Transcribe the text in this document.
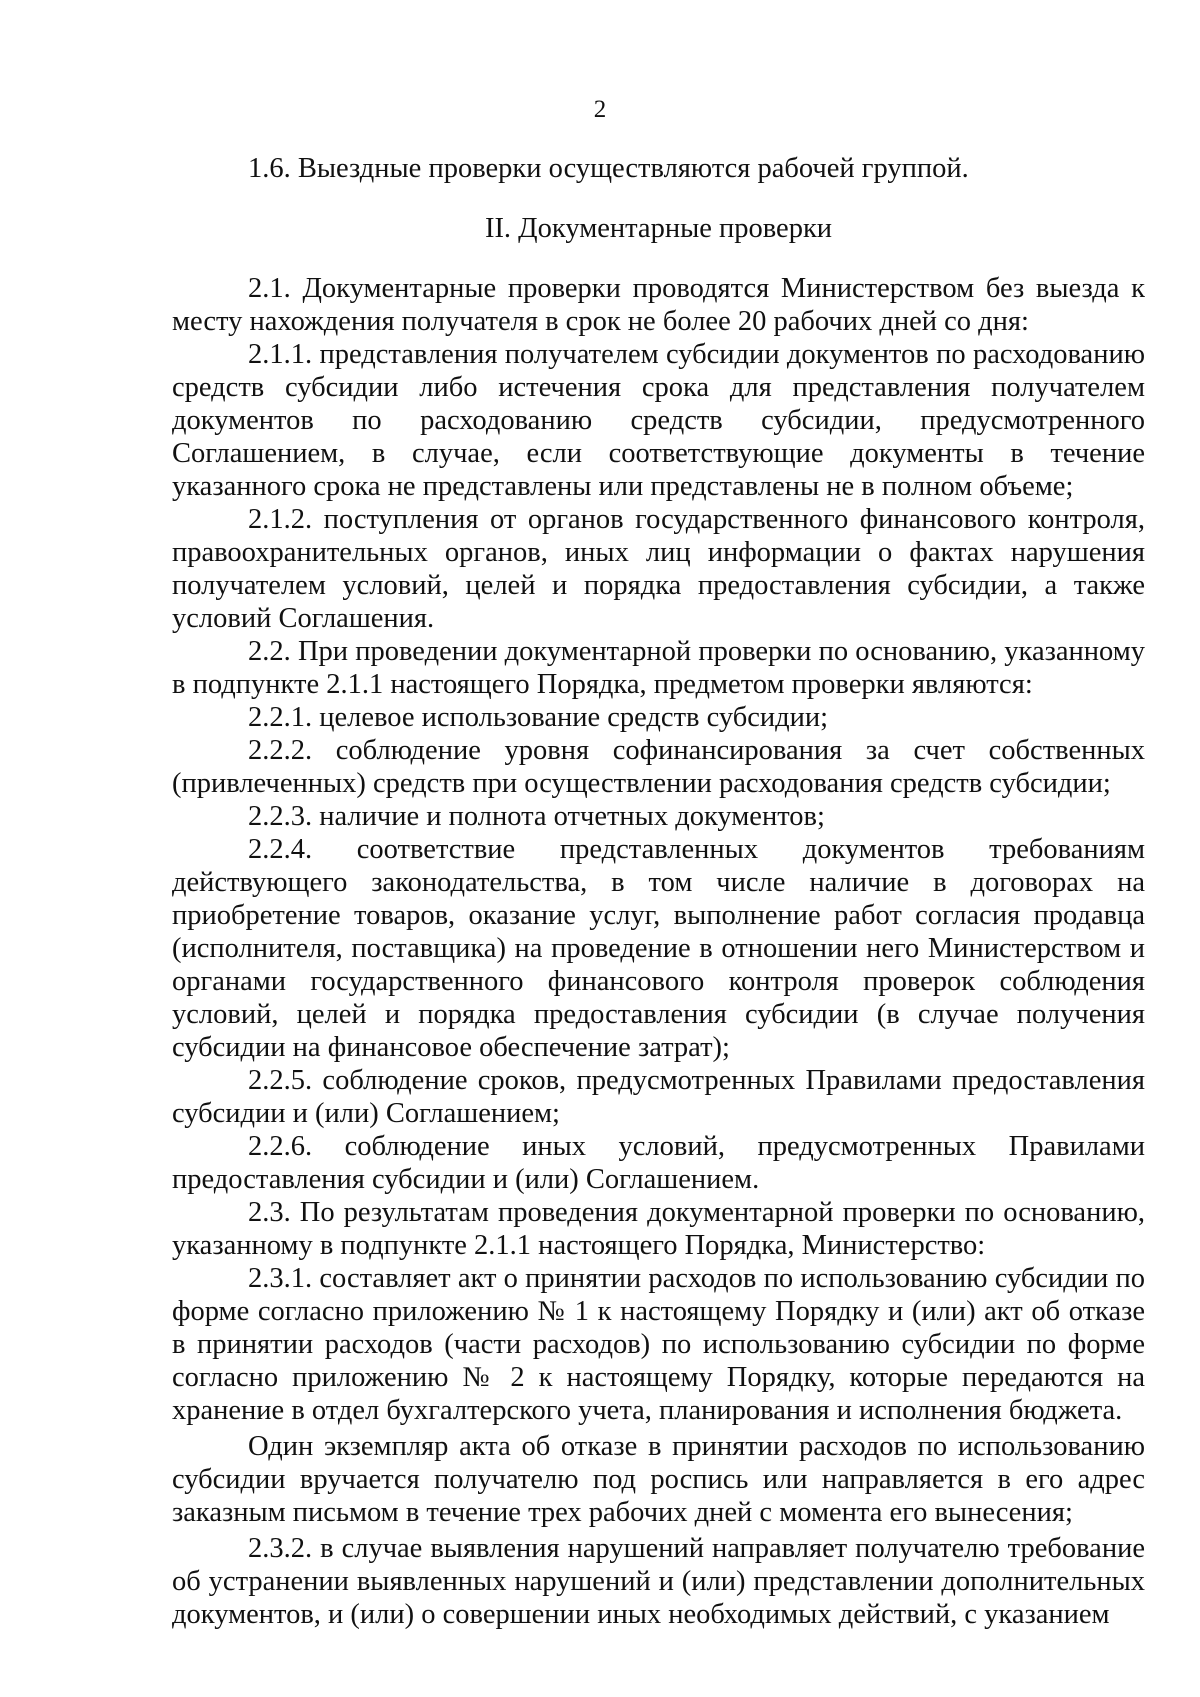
2

1.6. Выездные проверки осуществляются рабочей группой.

II. Документарные проверки

2.1. Документарные проверки проводятся Министерством без выезда к месту нахождения получателя в срок не более 20 рабочих дней со дня:

2.1.1. представления получателем субсидии документов по расходованию средств субсидии либо истечения срока для представления получателем документов по расходованию средств субсидии, предусмотренного Соглашением, в случае, если соответствующие документы в течение указанного срока не представлены или представлены не в полном объеме;

2.1.2. поступления от органов государственного финансового контроля, правоохранительных органов, иных лиц информации о фактах нарушения получателем условий, целей и порядка предоставления субсидии, а также условий Соглашения.

2.2. При проведении документарной проверки по основанию, указанному в подпункте 2.1.1 настоящего Порядка, предметом проверки являются:

2.2.1. целевое использование средств субсидии;

2.2.2. соблюдение уровня софинансирования за счет собственных (привлеченных) средств при осуществлении расходования средств субсидии;

2.2.3. наличие и полнота отчетных документов;

2.2.4. соответствие представленных документов требованиям действующего законодательства, в том числе наличие в договорах на приобретение товаров, оказание услуг, выполнение работ согласия продавца (исполнителя, поставщика) на проведение в отношении него Министерством и органами государственного финансового контроля проверок соблюдения условий, целей и порядка предоставления субсидии (в случае получения субсидии на финансовое обеспечение затрат);

2.2.5. соблюдение сроков, предусмотренных Правилами предоставления субсидии и (или) Соглашением;

2.2.6. соблюдение иных условий, предусмотренных Правилами предоставления субсидии и (или) Соглашением.

2.3. По результатам проведения документарной проверки по основанию, указанному в подпункте 2.1.1 настоящего Порядка, Министерство:

2.3.1. составляет акт о принятии расходов по использованию субсидии по форме согласно приложению № 1 к настоящему Порядку и (или) акт об отказе в принятии расходов (части расходов) по использованию субсидии по форме согласно приложению № 2 к настоящему Порядку, которые передаются на хранение в отдел бухгалтерского учета, планирования и исполнения бюджета.

Один экземпляр акта об отказе в принятии расходов по использованию субсидии вручается получателю под роспись или направляется в его адрес заказным письмом в течение трех рабочих дней с момента его вынесения;

2.3.2. в случае выявления нарушений направляет получателю требование об устранении выявленных нарушений и (или) представлении дополнительных документов, и (или) о совершении иных необходимых действий, с указанием
